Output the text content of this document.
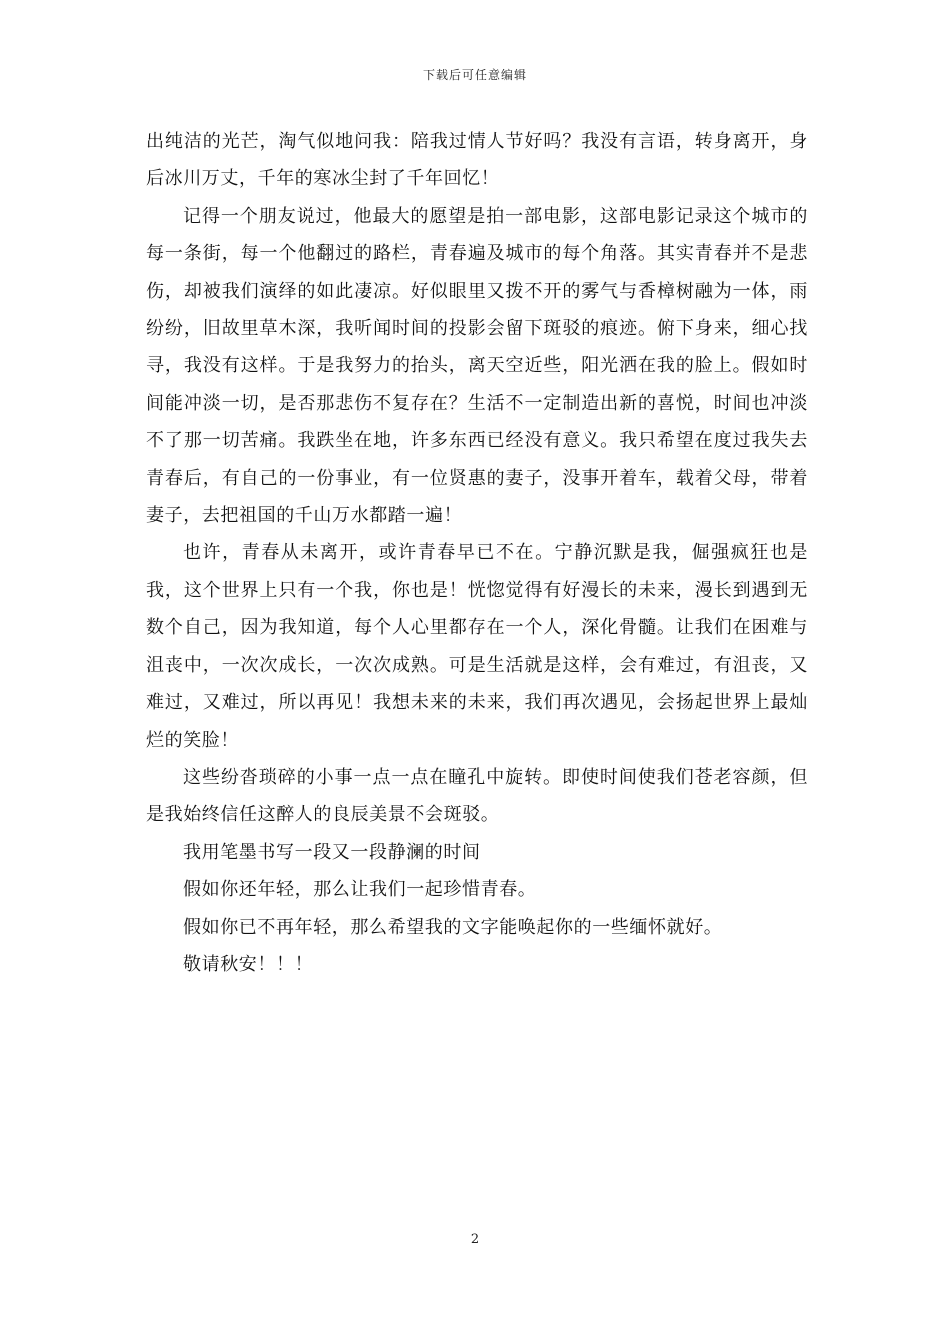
下载后可任意编辑

出纯洁的光芒，淘气似地问我：陪我过情人节好吗？我没有言语，转身离开，身后冰川万丈，千年的寒冰尘封了千年回忆！

记得一个朋友说过，他最大的愿望是拍一部电影，这部电影记录这个城市的每一条街，每一个他翻过的路栏，青春遍及城市的每个角落。其实青春并不是悲伤，却被我们演绎的如此凄凉。好似眼里又拨不开的雾气与香樟树融为一体，雨纷纷，旧故里草木深，我听闻时间的投影会留下斑驳的痕迹。俯下身来，细心找寻，我没有这样。于是我努力的抬头，离天空近些，阳光洒在我的脸上。假如时间能冲淡一切，是否那悲伤不复存在？生活不一定制造出新的喜悦，时间也冲淡不了那一切苦痛。我跌坐在地，许多东西已经没有意义。我只希望在度过我失去青春后，有自己的一份事业，有一位贤惠的妻子，没事开着车，载着父母，带着妻子，去把祖国的千山万水都踏一遍！

也许，青春从未离开，或许青春早已不在。宁静沉默是我，倔强疯狂也是我，这个世界上只有一个我，你也是！恍惚觉得有好漫长的未来，漫长到遇到无数个自己，因为我知道，每个人心里都存在一个人，深化骨髓。让我们在困难与沮丧中，一次次成长，一次次成熟。可是生活就是这样，会有难过，有沮丧，又难过，又难过，所以再见！我想未来的未来，我们再次遇见，会扬起世界上最灿烂的笑脸！

这些纷沓琐碎的小事一点一点在瞳孔中旋转。即使时间使我们苍老容颜，但是我始终信任这醉人的良辰美景不会斑驳。

我用笔墨书写一段又一段静澜的时间

假如你还年轻，那么让我们一起珍惜青春。

假如你已不再年轻，那么希望我的文字能唤起你的一些缅怀就好。

敬请秋安！！！

2
